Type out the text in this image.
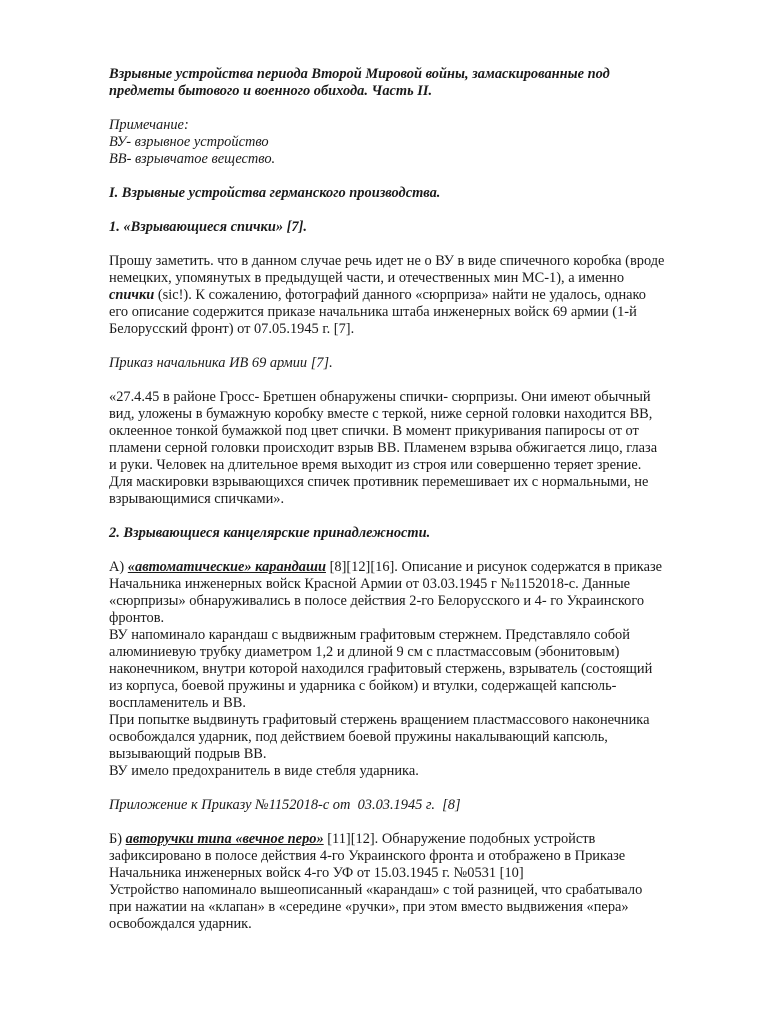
Взрывные устройства периода Второй Мировой войны, замаскированные под
предметы бытового и военного обихода. Часть II.
Примечание:
ВУ- взрывное устройство
ВВ- взрывчатое вещество.
I. Взрывные устройства германского производства.
1. «Взрывающиеся спички» [7].
Прошу заметить. что в данном случае речь идет не о ВУ в виде спичечного коробка (вроде
немецких, упомянутых в предыдущей части, и отечественных мин МС-1), а именно
спички (sic!). К сожалению, фотографий данного «сюрприза» найти не удалось, однако
его описание содержится приказе начальника штаба инженерных войск 69 армии (1-й
Белорусский фронт) от 07.05.1945 г. [7].
Приказ начальника ИВ 69 армии [7].
«27.4.45 в районе Гросс- Бретшен обнаружены спички- сюрпризы. Они имеют обычный
вид, уложены в бумажную коробку вместе с теркой, ниже серной головки находится ВВ,
оклеенное тонкой бумажкой под цвет спички. В момент прикуривания папиросы от от
пламени серной головки происходит взрыв ВВ. Пламенем взрыва обжигается лицо, глаза
и руки. Человек на длительное время выходит из строя или совершенно теряет зрение.
Для маскировки взрывающихся спичек противник перемешивает их с нормальными, не
взрывающимися спичками».
2. Взрывающиеся канцелярские принадлежности.
А) «автоматические» карандаши [8][12][16]. Описание и рисунок содержатся в приказе
Начальника инженерных войск Красной Армии от 03.03.1945 г №1152018-с. Данные
«сюрпризы» обнаруживались в полосе действия 2-го Белорусского и 4- го Украинского
фронтов.
ВУ напоминало карандаш с выдвижным графитовым стержнем. Представляло собой
алюминиевую трубку диаметром 1,2 и длиной 9 см с пластмассовым (эбонитовым)
наконечником, внутри которой находился графитовый стержень, взрыватель (состоящий
из корпуса, боевой пружины и ударника с бойком) и втулки, содержащей капсюль-
воспламенитель и ВВ.
При попытке выдвинуть графитовый стержень вращением пластмассового наконечника
освобождался ударник, под действием боевой пружины накалывающий капсюль,
вызывающий подрыв ВВ.
ВУ имело предохранитель в виде стебля ударника.
Приложение к Приказу №1152018-с от  03.03.1945 г.  [8]
Б) авторучки типа «вечное перо» [11][12]. Обнаружение подобных устройств
зафиксировано в полосе действия 4-го Украинского фронта и отображено в Приказе
Начальника инженерных войск 4-го УФ от 15.03.1945 г. №0531 [10]
Устройство напоминало вышеописанный «карандаш» с той разницей, что срабатывало
при нажатии на «клапан» в «середине «ручки», при этом вместо выдвижения «пера»
освобождался ударник.
